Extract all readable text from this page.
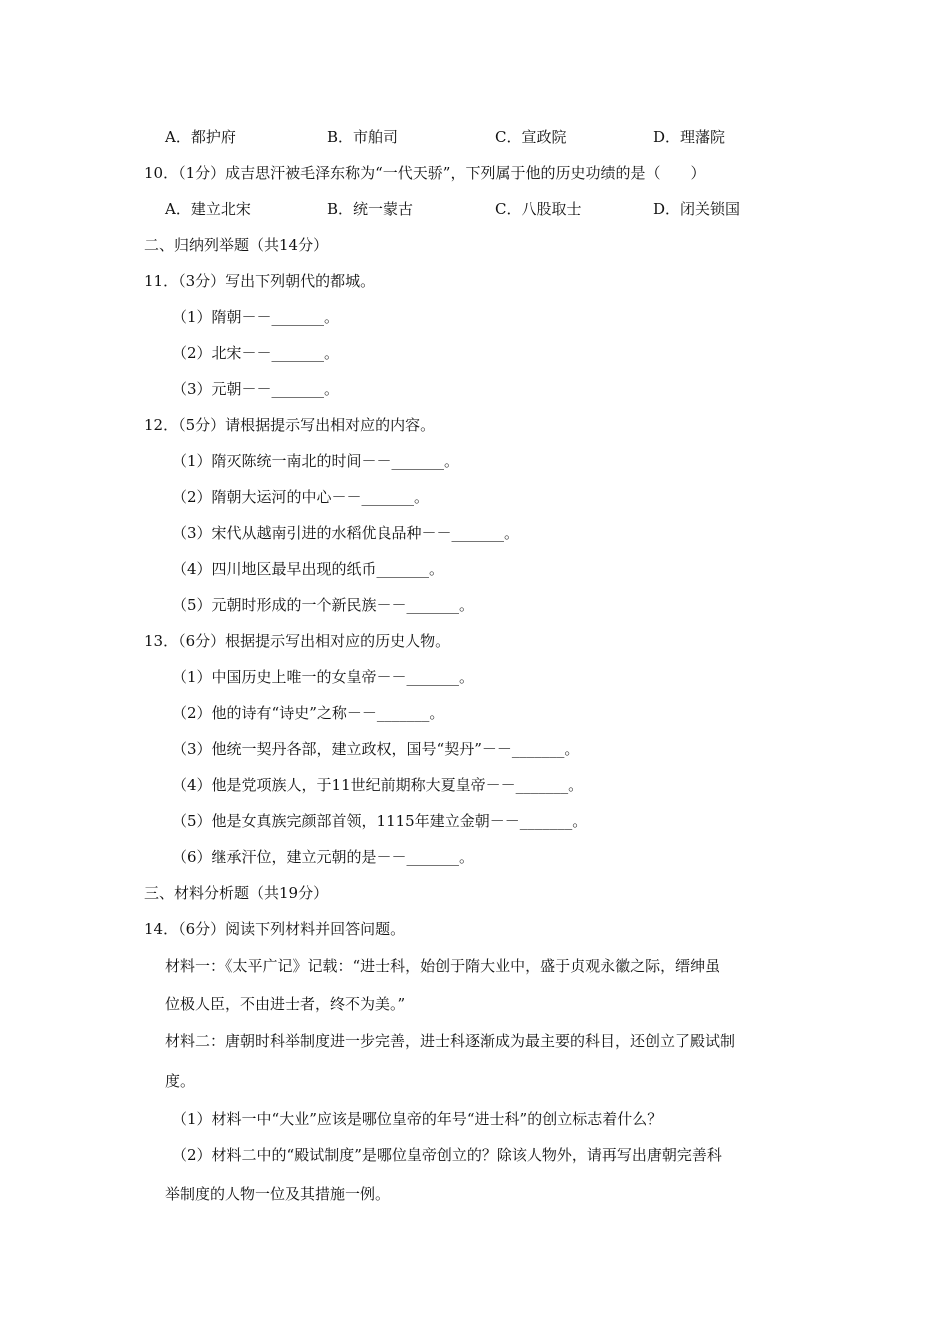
A．都护府	B．市舶司	C．宣政院	D．理藩院
10．（1分）成吉思汗被毛泽东称为“一代天骄”，下列属于他的历史功绩的是（　　）
A．建立北宋	B．统一蒙古	C．八股取士	D．闭关锁国
二、归纳列举题（共14分）
11．（3分）写出下列朝代的都城。
（1）隋朝－－_______。
（2）北宋－－_______。
（3）元朝－－_______。
12．（5分）请根据提示写出相对应的内容。
（1）隋灭陈统一南北的时间－－_______。
（2）隋朝大运河的中心－－_______。
（3）宋代从越南引进的水稻优良品种－－_______。
（4）四川地区最早出现的纸币_______。
（5）元朝时形成的一个新民族－－_______。
13．（6分）根据提示写出相对应的历史人物。
（1）中国历史上唯一的女皇帝－－_______。
（2）他的诗有“诗史”之称－－_______。
（3）他统一契丹各部，建立政权，国号“契丹”－－_______。
（4）他是党项族人，于11世纪前期称大夏皇帝－－_______。
（5）他是女真族完颜部首领，1115年建立金朝－－_______。
（6）继承汗位，建立元朝的是－－_______。
三、材料分析题（共19分）
14．（6分）阅读下列材料并回答问题。
材料一：《太平广记》记载：“进士科，始创于隋大业中，盛于贞观永徽之际，缙绅虽
位极人臣，不由进士者，终不为美。”
材料二：唐朝时科举制度进一步完善，进士科逐渐成为最主要的科目，还创立了殿试制
度。
（1）材料一中“大业”应该是哪位皇帝的年号“进士科”的创立标志着什么？
（2）材料二中的“殿试制度”是哪位皇帝创立的？除该人物外，请再写出唐朝完善科
举制度的人物一位及其措施一例。
